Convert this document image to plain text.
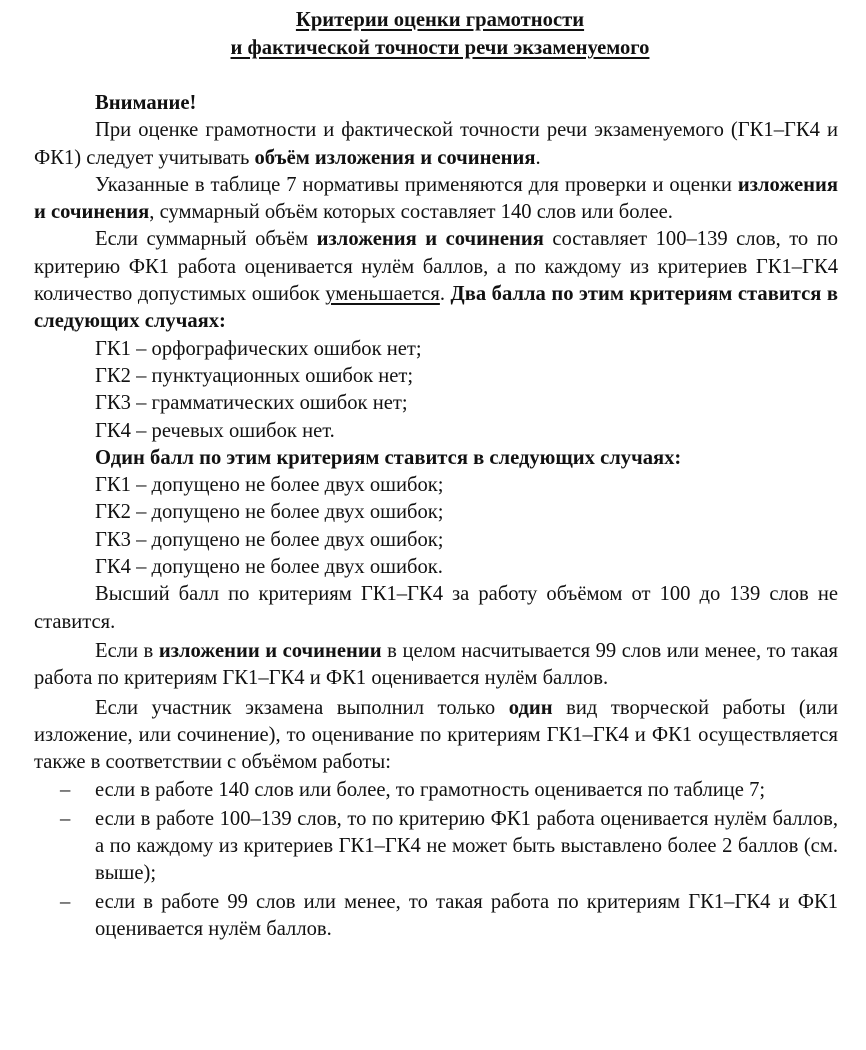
Критерии оценки грамотности
и фактической точности речи экзаменуемого
Внимание!

При оценке грамотности и фактической точности речи экзаменуемого (ГК1–ГК4 и ФК1) следует учитывать объём изложения и сочинения.

Указанные в таблице 7 нормативы применяются для проверки и оценки изложения и сочинения, суммарный объём которых составляет 140 слов или более.

Если суммарный объём изложения и сочинения составляет 100–139 слов, то по критерию ФК1 работа оценивается нулём баллов, а по каждому из критериев ГК1–ГК4 количество допустимых ошибок уменьшается. Два балла по этим критериям ставится в следующих случаях:

ГК1 – орфографических ошибок нет;
ГК2 – пунктуационных ошибок нет;
ГК3 – грамматических ошибок нет;
ГК4 – речевых ошибок нет.
Один балл по этим критериям ставится в следующих случаях:
ГК1 – допущено не более двух ошибок;
ГК2 – допущено не более двух ошибок;
ГК3 – допущено не более двух ошибок;
ГК4 – допущено не более двух ошибок.

Высший балл по критериям ГК1–ГК4 за работу объёмом от 100 до 139 слов не ставится.

Если в изложении и сочинении в целом насчитывается 99 слов или менее, то такая работа по критериям ГК1–ГК4 и ФК1 оценивается нулём баллов.

Если участник экзамена выполнил только один вид творческой работы (или изложение, или сочинение), то оценивание по критериям ГК1–ГК4 и ФК1 осуществляется также в соответствии с объёмом работы:

– если в работе 140 слов или более, то грамотность оценивается по таблице 7;
– если в работе 100–139 слов, то по критерию ФК1 работа оценивается нулём баллов, а по каждому из критериев ГК1–ГК4 не может быть выставлено более 2 баллов (см. выше);
– если в работе 99 слов или менее, то такая работа по критериям ГК1–ГК4 и ФК1 оценивается нулём баллов.
